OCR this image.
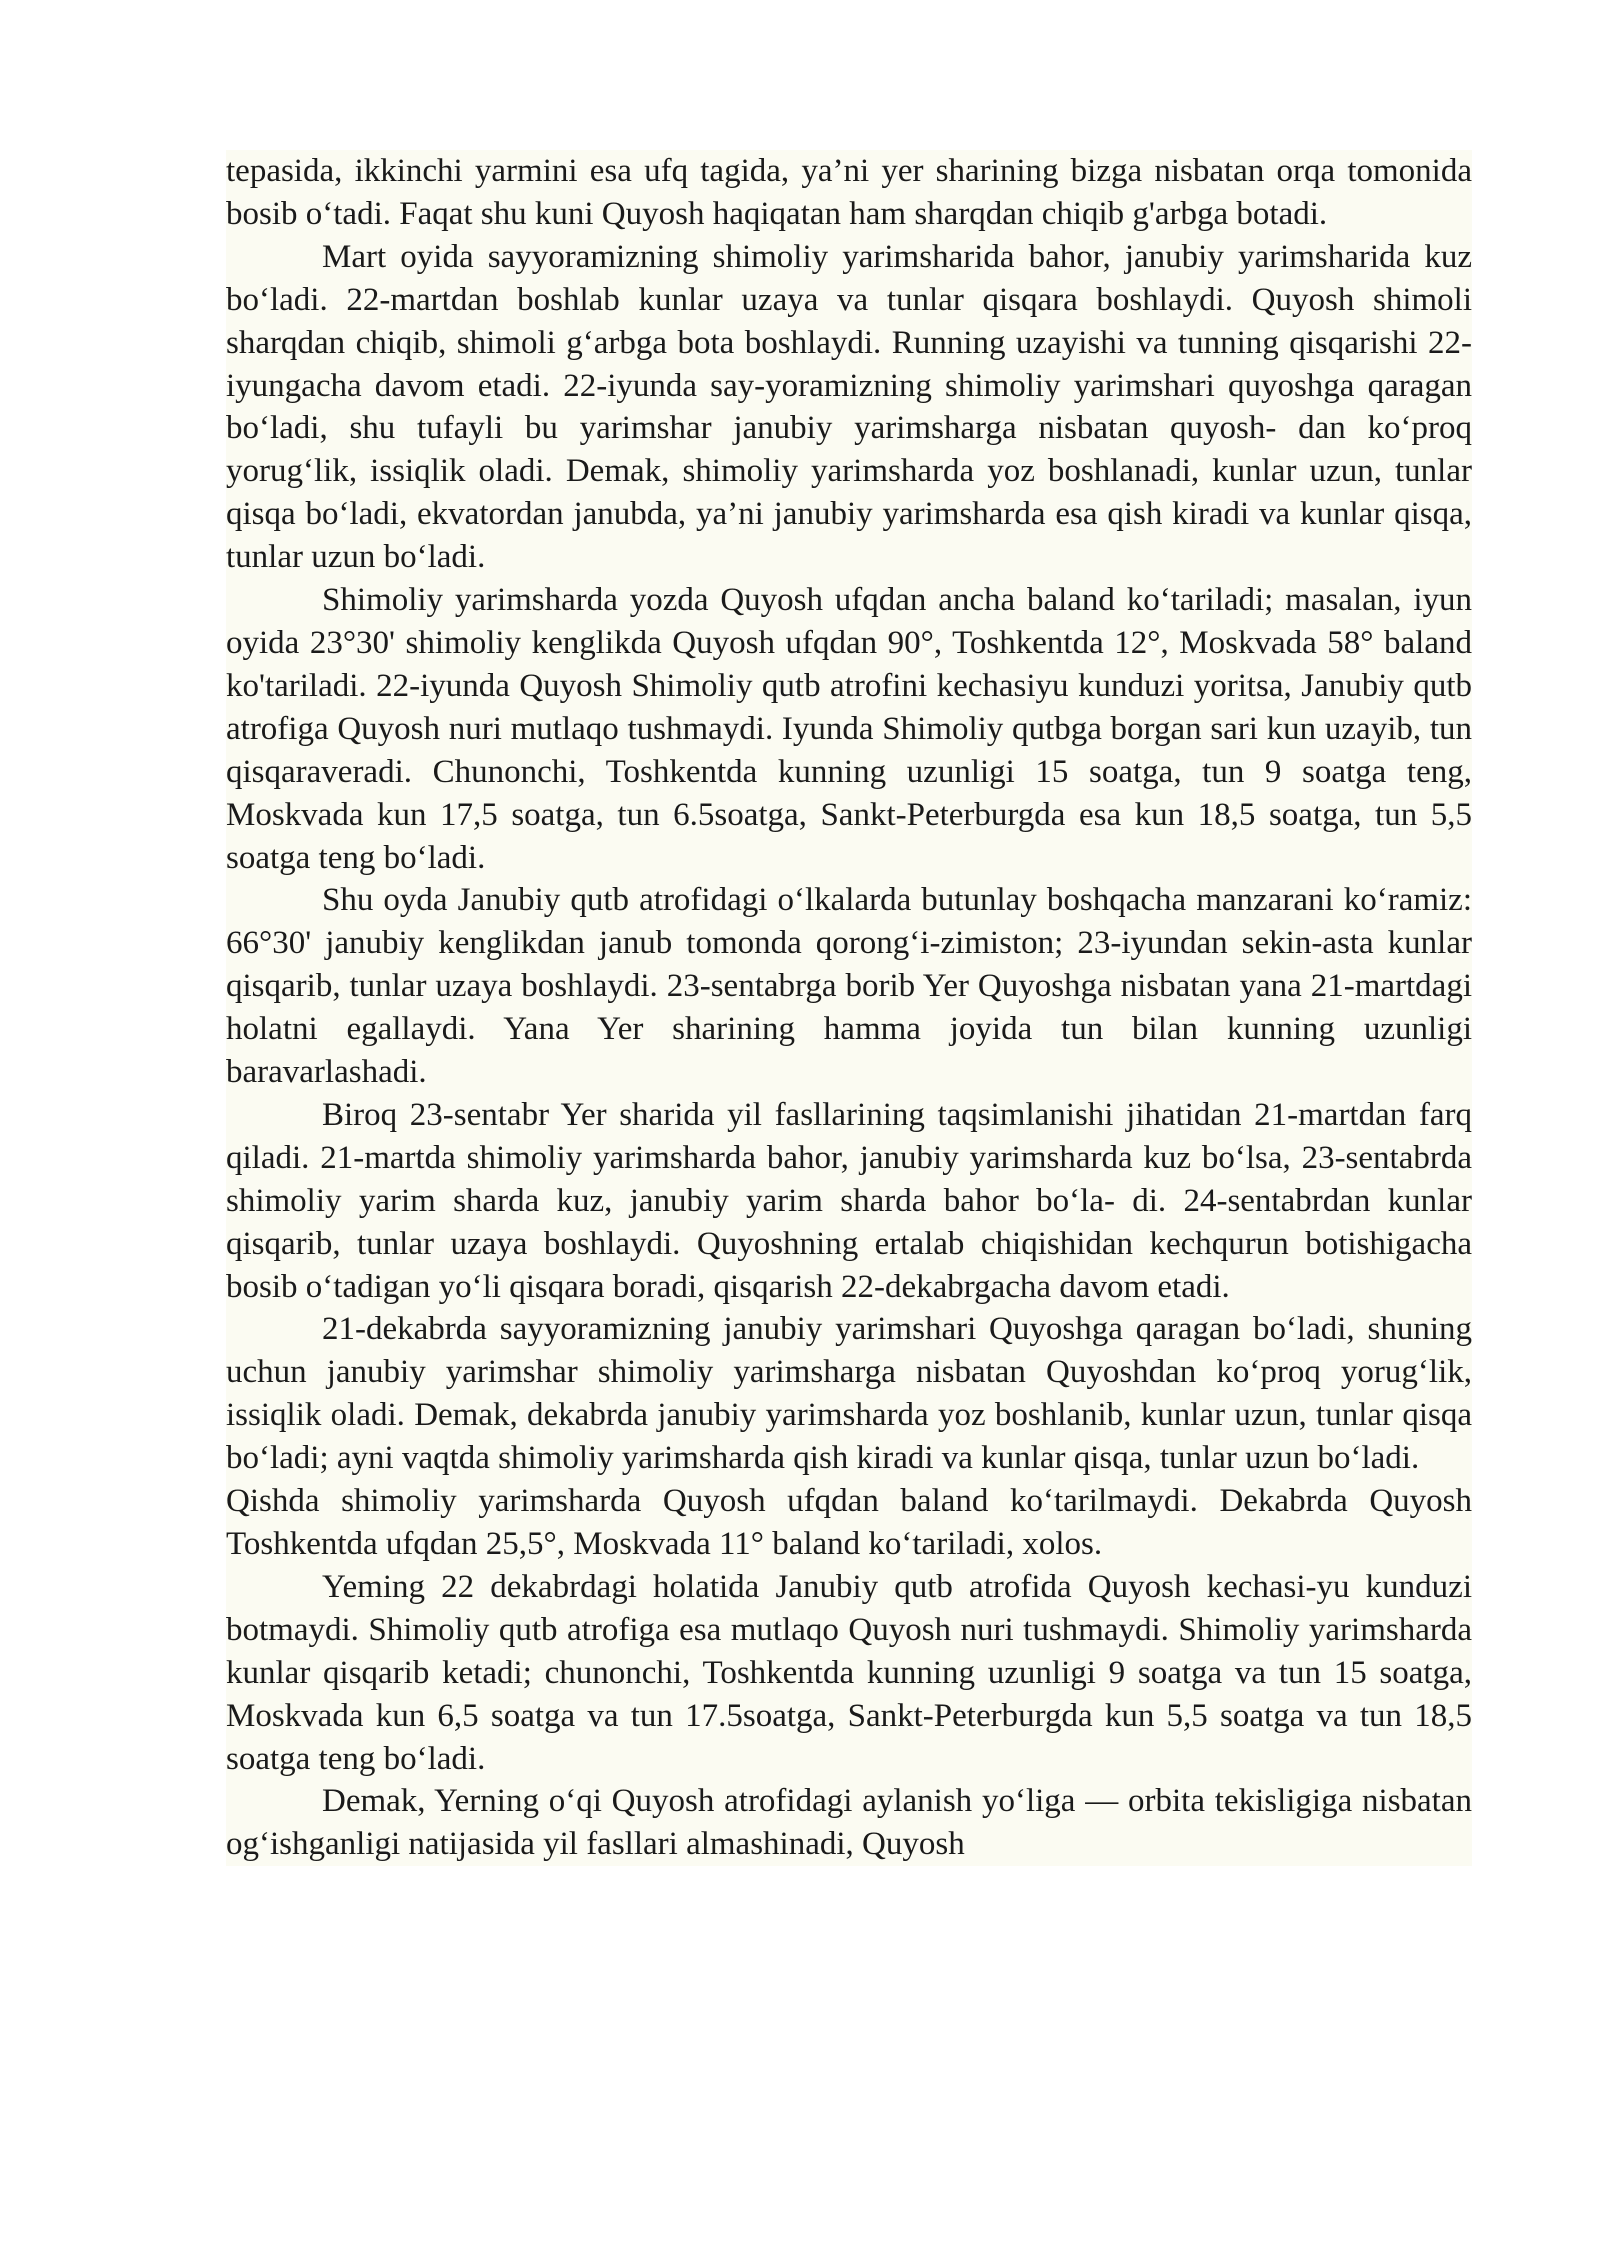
tepasida, ikkinchi yarmini esa ufq tagida, ya’ni yer sharining bizga nisbatan orqa tomonida bosib o‘tadi. Faqat shu kuni Quyosh haqiqatan ham sharqdan chiqib g'arbga botadi.

Mart oyida sayyoramizning shimoliy yarimsharida bahor, janubiy yarimsharida kuz bo‘ladi. 22-martdan boshlab kunlar uzaya va tunlar qisqara boshlaydi. Quyosh shimoli sharqdan chiqib, shimoli g‘arbga bota boshlaydi. Running uzayishi va tunning qisqarishi 22-iyungacha davom etadi. 22-iyunda say-yoramizning shimoliy yarimshari quyoshga qaragan bo‘ladi, shu tufayli bu yarimshar janubiy yarimsharga nisbatan quyosh- dan ko‘proq yorug‘lik, issiqlik oladi. Demak, shimoliy yarimsharda yoz boshlanadi, kunlar uzun, tunlar qisqa bo‘ladi, ekvatordan janubda, ya’ni janubiy yarimsharda esa qish kiradi va kunlar qisqa, tunlar uzun bo‘ladi.

Shimoliy yarimsharda yozda Quyosh ufqdan ancha baland ko‘tariladi; masalan, iyun oyida 23°30' shimoliy kenglikda Quyosh ufqdan 90°, Toshkentda 12°, Moskvada 58° baland ko'tariladi. 22-iyunda Quyosh Shimoliy qutb atrofini kechasiyu kunduzi yoritsa, Janubiy qutb atrofiga Quyosh nuri mutlaqo tushmaydi. Iyunda Shimoliy qutbga borgan sari kun uzayib, tun qisqaraveradi. Chunonchi, Toshkentda kunning uzunligi 15 soatga, tun 9 soatga teng, Moskvada kun 17,5 soatga, tun 6.5soatga, Sankt-Peterburgda esa kun 18,5 soatga, tun 5,5 soatga teng bo‘ladi.

Shu oyda Janubiy qutb atrofidagi o‘lkalarda butunlay boshqacha manzarani ko‘ramiz: 66°30' janubiy kenglikdan janub tomonda qorong‘i-zimiston; 23-iyundan sekin-asta kunlar qisqarib, tunlar uzaya boshlaydi. 23-sentabrga borib Yer Quyoshga nisbatan yana 21-martdagi holatni egallaydi. Yana Yer sharining hamma joyida tun bilan kunning uzunligi baravarlashadi.

Biroq 23-sentabr Yer sharida yil fasllarining taqsimlanishi jihatidan 21-martdan farq qiladi. 21-martda shimoliy yarimsharda bahor, janubiy yarimsharda kuz bo‘lsa, 23-sentabrda shimoliy yarim sharda kuz, janubiy yarim sharda bahor bo‘la- di. 24-sentabrdan kunlar qisqarib, tunlar uzaya boshlaydi. Quyoshning ertalab chiqishidan kechqurun botishigacha bosib o‘tadigan yo‘li qisqara boradi, qisqarish 22-dekabrgacha davom etadi.

21-dekabrda sayyoramizning janubiy yarimshari Quyoshga qaragan bo‘ladi, shuning uchun janubiy yarimshar shimoliy yarimsharga nisbatan Quyoshdan ko‘proq yorug‘lik, issiqlik oladi. Demak, dekabrda janubiy yarimsharda yoz boshlanib, kunlar uzun, tunlar qisqa bo‘ladi; ayni vaqtda shimoliy yarimsharda qish kiradi va kunlar qisqa, tunlar uzun bo‘ladi.

Qishda shimoliy yarimsharda Quyosh ufqdan baland ko‘tarilmaydi. Dekabrda Quyosh Toshkentda ufqdan 25,5°, Moskvada 11° baland ko‘tariladi, xolos.

Yeming 22 dekabrdagi holatida Janubiy qutb atrofida Quyosh kechasi-yu kunduzi botmaydi. Shimoliy qutb atrofiga esa mutlaqo Quyosh nuri tushmaydi. Shimoliy yarimsharda kunlar qisqarib ketadi; chunonchi, Toshkentda kunning uzunligi 9 soatga va tun 15 soatga, Moskvada kun 6,5 soatga va tun 17.5soatga, Sankt-Peterburgda kun 5,5 soatga va tun 18,5 soatga teng bo‘ladi.

Demak, Yerning o‘qi Quyosh atrofidagi aylanish yo‘liga — orbita tekisligiga nisbatan og‘ishganligi natijasida yil fasllari almashinadi, Quyosh
